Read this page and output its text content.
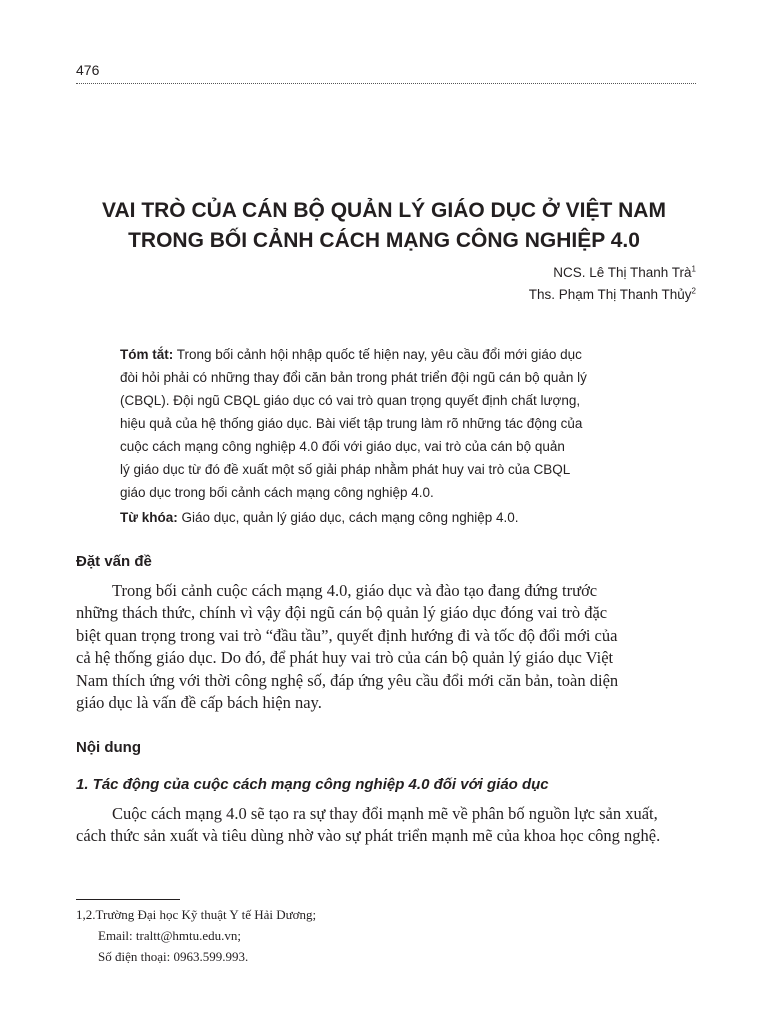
476
VAI TRÒ CỦA CÁN BỘ QUẢN LÝ GIÁO DỤC Ở VIỆT NAM
TRONG BỐI CẢNH CÁCH MẠNG CÔNG NGHIỆP 4.0
NCS. Lê Thị Thanh Trà$^1$
Ths. Phạm Thị Thanh Thủy$^2$
Tóm tắt: Trong bối cảnh hội nhập quốc tế hiện nay, yêu cầu đổi mới giáo dục
đòi hỏi phải có những thay đổi căn bản trong phát triển đội ngũ cán bộ quản lý
(CBQL). Đội ngũ CBQL giáo dục có vai trò quan trọng quyết định chất lượng,
hiệu quả của hệ thống giáo dục. Bài viết tập trung làm rõ những tác động của
cuộc cách mạng công nghiệp 4.0 đối với giáo dục, vai trò của cán bộ quản
lý giáo dục từ đó đề xuất một số giải pháp nhằm phát huy vai trò của CBQL
giáo dục trong bối cảnh cách mạng công nghiệp 4.0.
Từ khóa: Giáo dục, quản lý giáo dục, cách mạng công nghiệp 4.0.
Đặt vấn đề
Trong bối cảnh cuộc cách mạng 4.0, giáo dục và đào tạo đang đứng trước
những thách thức, chính vì vậy đội ngũ cán bộ quản lý giáo dục đóng vai trò đặc
biệt quan trọng trong vai trò “đầu tầu”, quyết định hướng đi và tốc độ đổi mới của
cả hệ thống giáo dục. Do đó, để phát huy vai trò của cán bộ quản lý giáo dục Việt
Nam thích ứng với thời công nghệ số, đáp ứng yêu cầu đổi mới căn bản, toàn diện
giáo dục là vấn đề cấp bách hiện nay.
Nội dung
1. Tác động của cuộc cách mạng công nghiệp 4.0 đối với giáo dục
Cuộc cách mạng 4.0 sẽ tạo ra sự thay đổi mạnh mẽ về phân bố nguồn lực sản xuất,
cách thức sản xuất và tiêu dùng nhờ vào sự phát triển mạnh mẽ của khoa học công nghệ.
1,2.Trường Đại học Kỹ thuật Y tế Hải Dương;
Email: traltt@hmtu.edu.vn;
Số điện thoại: 0963.599.993.
